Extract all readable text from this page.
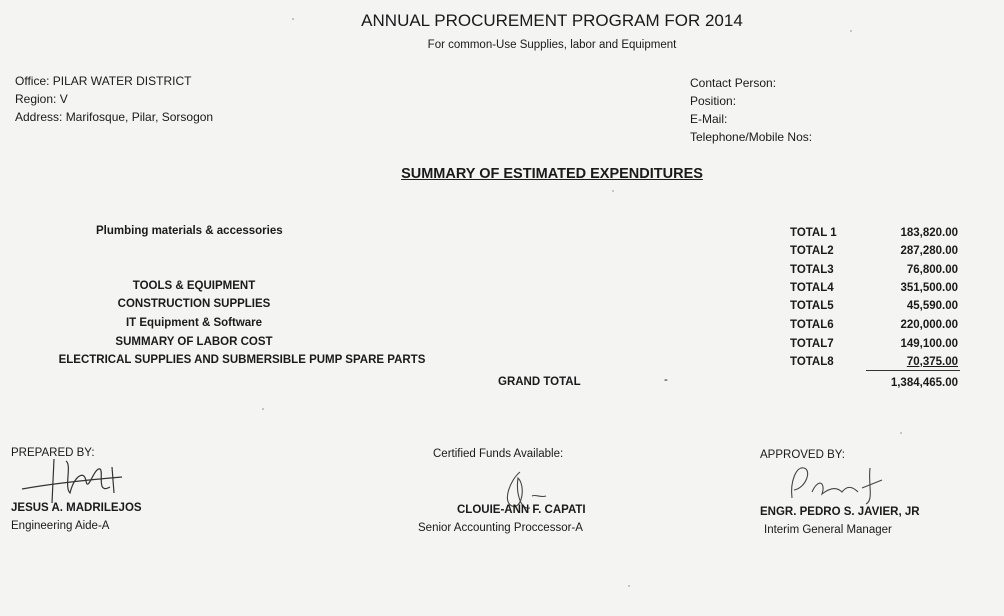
ANNUAL PROCUREMENT PROGRAM FOR 2014
For common-Use Supplies, labor and Equipment
Office: PILAR WATER DISTRICT
Region: V
Address: Marifosque, Pilar, Sorsogon
Contact Person:
Position:
E-Mail:
Telephone/Mobile Nos:
SUMMARY OF ESTIMATED EXPENDITURES
Plumbing materials & accessories
TOOLS & EQUIPMENT
CONSTRUCTION SUPPLIES
IT Equipment & Software
SUMMARY OF LABOR COST
ELECTRICAL SUPPLIES AND SUBMERSIBLE PUMP SPARE PARTS
TOTAL 1
TOTAL2
TOTAL3
TOTAL4
TOTAL5
TOTAL6
TOTAL7
TOTAL8
183,820.00
287,280.00
76,800.00
351,500.00
45,590.00
220,000.00
149,100.00
70,375.00
GRAND TOTAL	-	1,384,465.00
PREPARED BY:
JESUS A. MADRILEJOS
Engineering Aide-A
Certified Funds Available:
CLOUIE-ANN F. CAPATI
Senior Accounting Proccessor-A
APPROVED BY:
ENGR. PEDRO S. JAVIER, JR
Interim General Manager
